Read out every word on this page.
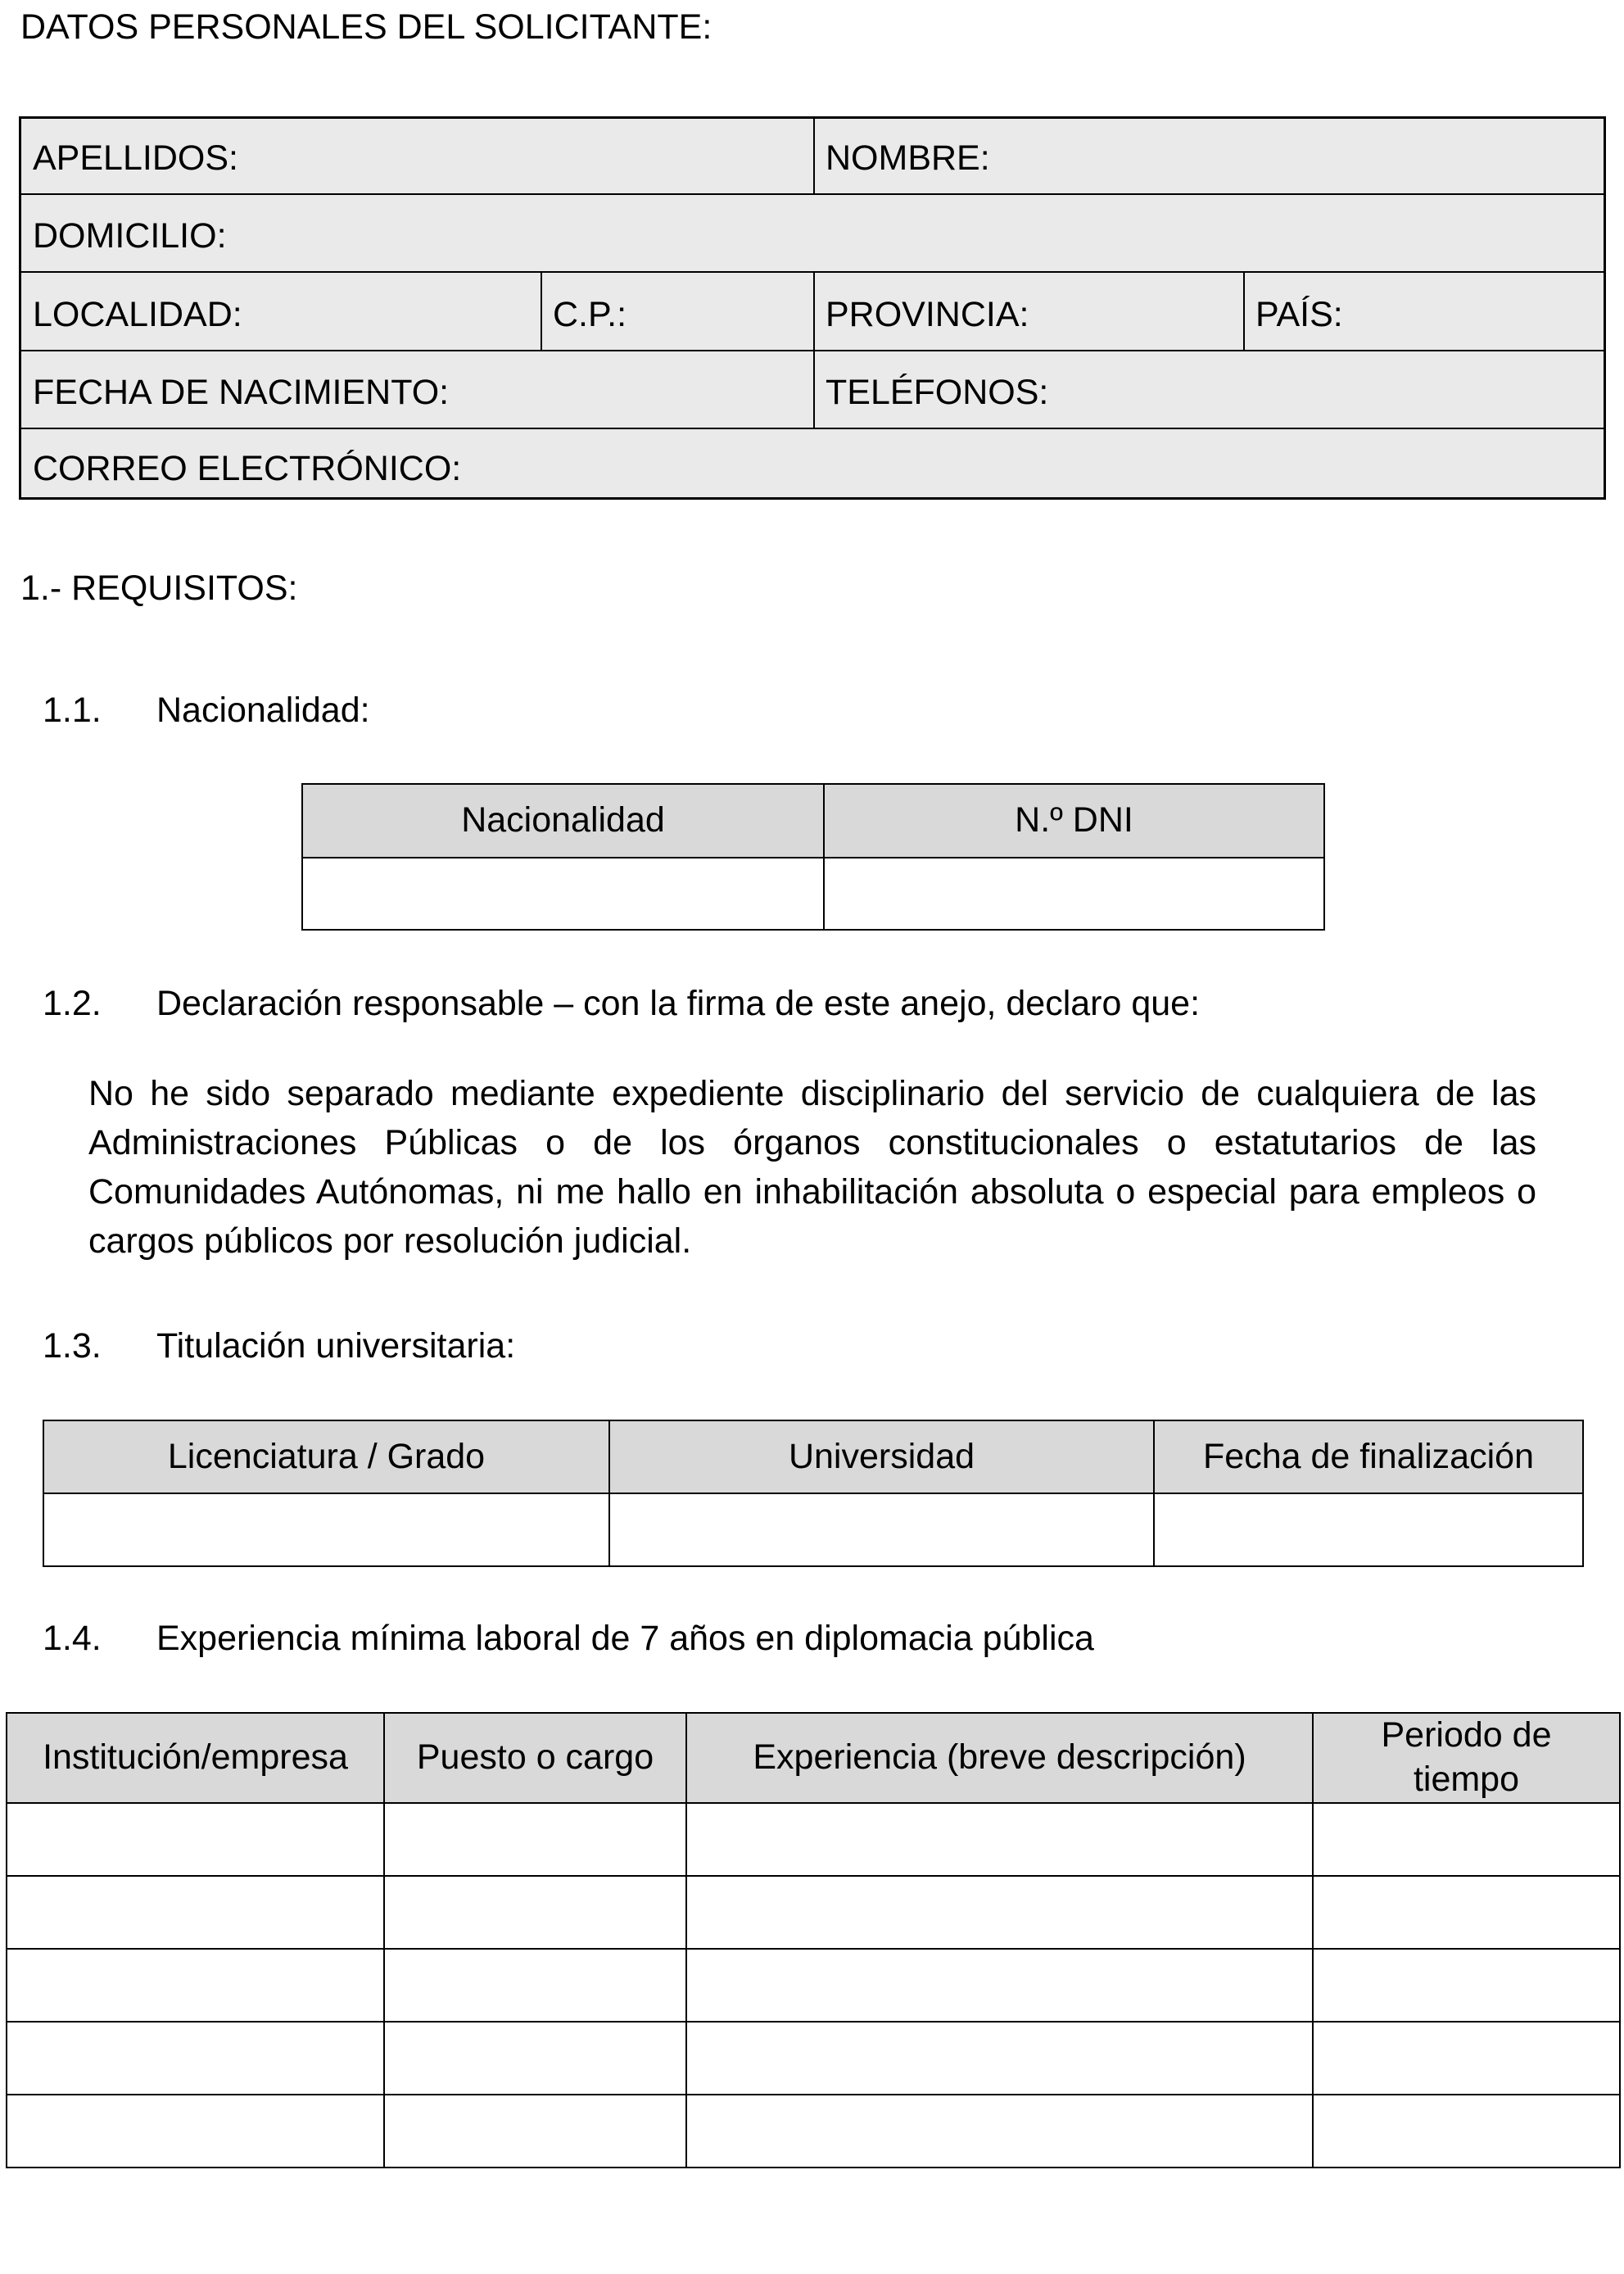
DATOS PERSONALES DEL SOLICITANTE:
APELLIDOS:	NOMBRE:
DOMICILIO:
LOCALIDAD:	C.P.:	PROVINCIA:	PAÍS:
FECHA DE NACIMIENTO:	TELÉFONOS:
CORREO ELECTRÓNICO:
1.- REQUISITOS:
1.1. Nacionalidad:
Nacionalidad	N.º DNI

1.2. Declaración responsable – con la firma de este anejo, declaro que:
No he sido separado mediante expediente disciplinario del servicio de cualquiera de las Administraciones Públicas o de los órganos constitucionales o estatutarios de las Comunidades Autónomas, ni me hallo en inhabilitación absoluta o especial para empleos o cargos públicos por resolución judicial.
1.3. Titulación universitaria:
Licenciatura / Grado	Universidad	Fecha de finalización

1.4. Experiencia mínima laboral de 7 años en diplomacia pública
Institución/empresa	Puesto o cargo	Experiencia (breve descripción)	Periodo de tiempo
